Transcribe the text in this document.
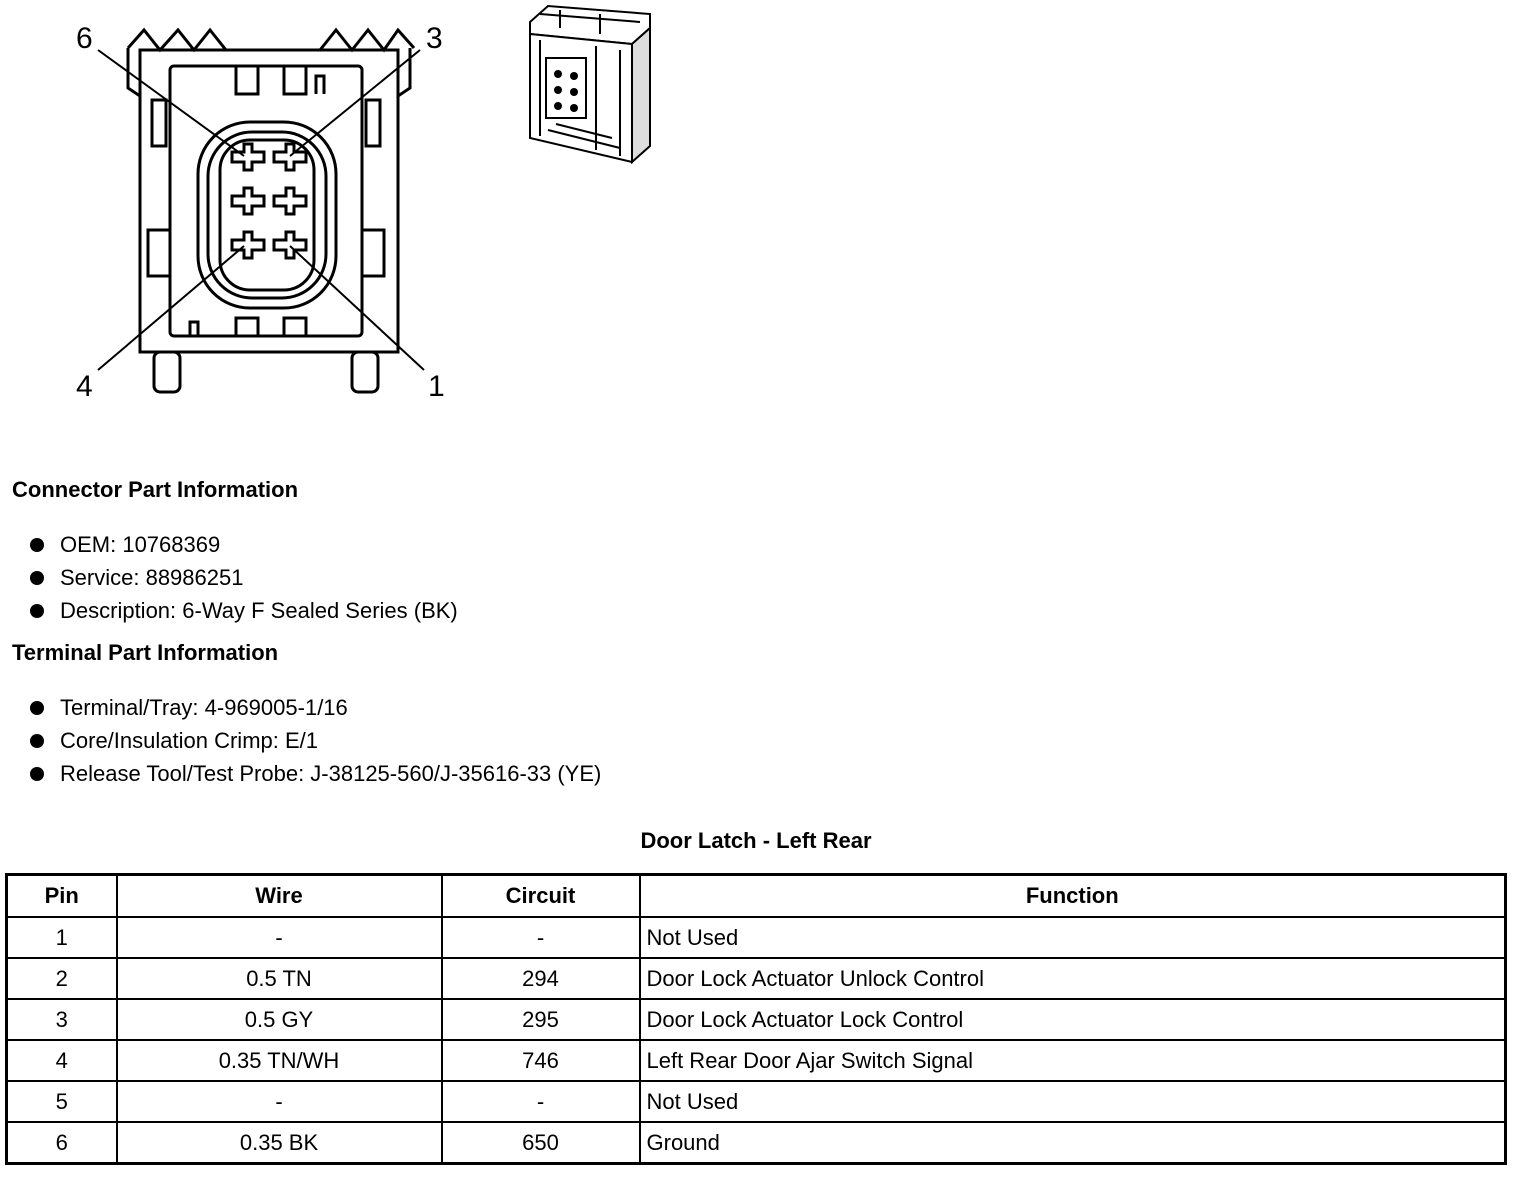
6	3
4	1
Connector Part Information
OEM: 10768369
Service: 88986251
Description: 6-Way F Sealed Series (BK)
Terminal Part Information
Terminal/Tray: 4-969005-1/16
Core/Insulation Crimp: E/1
Release Tool/Test Probe: J-38125-560/J-35616-33 (YE)
Door Latch - Left Rear
Pin	Wire	Circuit	Function
1	-	-	Not Used
2	0.5 TN	294	Door Lock Actuator Unlock Control
3	0.5 GY	295	Door Lock Actuator Lock Control
4	0.35 TN/WH	746	Left Rear Door Ajar Switch Signal
5	-	-	Not Used
6	0.35 BK	650	Ground
